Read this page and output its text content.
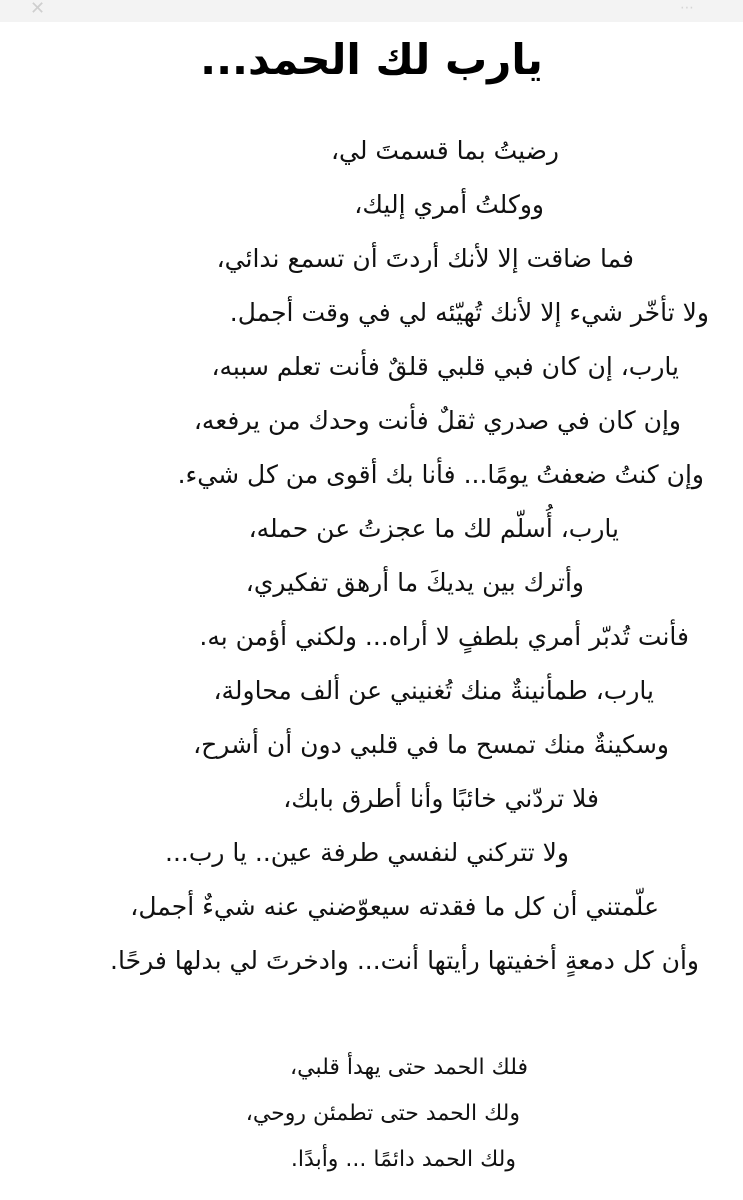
✕	⋯
يارب لك الحمد...
رضيتُ بما قسمتَ لي،
ووكلتُ أمري إليك،
فما ضاقت إلا لأنك أردتَ أن تسمع ندائي،
ولا تأخّر شيء إلا لأنك تُهيّئه لي في وقت أجمل.
يارب، إن كان فبي قلبي قلقٌ فأنت تعلم سببه،
وإن كان في صدري ثقلٌ فأنت وحدك من يرفعه،
وإن كنتُ ضعفتُ يومًا... فأنا بك أقوى من كل شيء.
يارب، أُسلّم لك ما عجزتُ عن حمله،
وأترك بين يديكَ ما أرهق تفكيري،
فأنت تُدبّر أمري بلطفٍ لا أراه... ولكني أؤمن به.
يارب، طمأنينةٌ منك تُغنيني عن ألف محاولة،
وسكينةٌ منك تمسح ما في قلبي دون أن أشرح،
فلا تردّني خائبًا وأنا أطرق بابك،
ولا تتركني لنفسي طرفة عين.. يا رب...
علّمتني أن كل ما فقدته سيعوّضني عنه شيءٌ أجمل،
وأن كل دمعةٍ أخفيتها رأيتها أنت... وادخرتَ لي بدلها فرحًا.
فلك الحمد حتى يهدأ قلبي،
ولك الحمد حتى تطمئن روحي،
ولك الحمد دائمًا ... وأبدًا.
